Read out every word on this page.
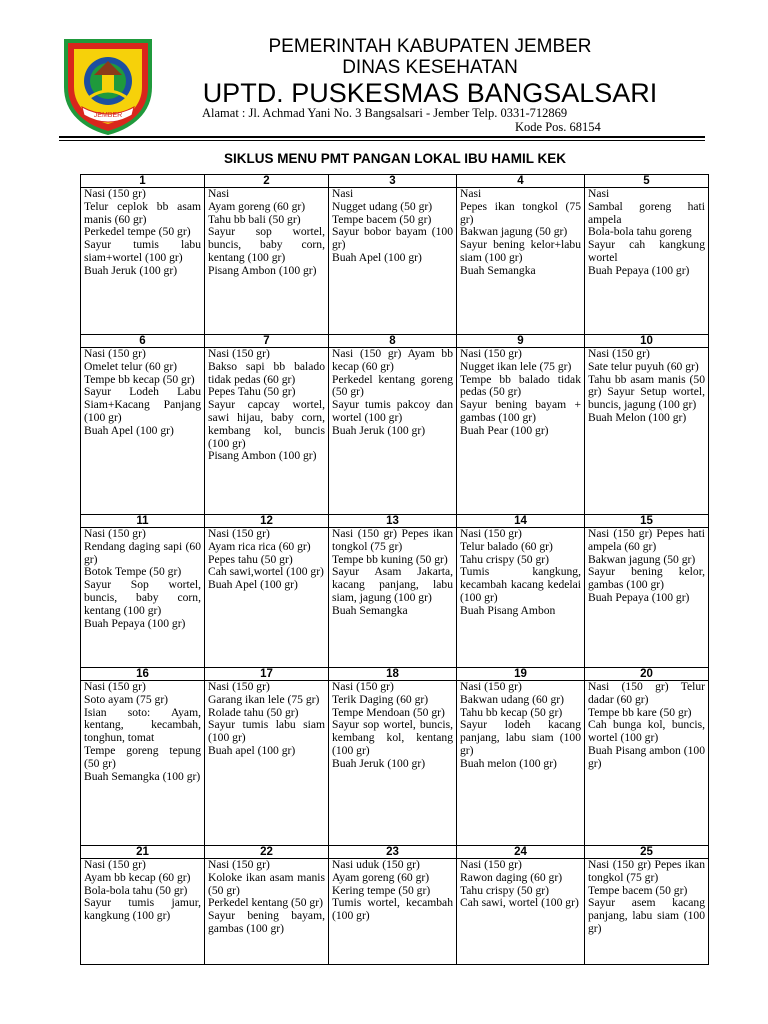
JEMBER
PEMERINTAH KABUPATEN JEMBER
DINAS KESEHATAN
UPTD. PUSKESMAS BANGSALSARI
Alamat : Jl. Achmad Yani No. 3 Bangsalsari - Jember Telp. 0331-712869
Kode Pos. 68154
SIKLUS MENU PMT PANGAN LOKAL IBU HAMIL KEK
1	2	3	4	5

Nasi (150 gr)
Telur ceplok bb asam manis (60 gr)
Perkedel tempe (50 gr)
Sayur tumis labu siam+wortel (100 gr)
Buah Jeruk (100 gr)	Nasi
Ayam goreng (60 gr)
Tahu bb bali (50 gr)
Sayur sop wortel, buncis, baby corn, kentang (100 gr)
Pisang Ambon (100 gr)	Nasi
Nugget udang (50 gr)
Tempe bacem (50 gr)
Sayur bobor bayam (100 gr)
Buah Apel (100 gr)	Nasi
Pepes ikan tongkol (75 gr)
Bakwan jagung (50 gr)
Sayur bening kelor+labu siam (100 gr)
Buah Semangka	Nasi
Sambal goreng hati ampela
Bola-bola tahu goreng
Sayur cah kangkung wortel
Buah Pepaya (100 gr)

6	7	8	9	10

Nasi (150 gr)
Omelet telur (60 gr)
Tempe bb kecap (50 gr)
Sayur Lodeh Labu Siam+Kacang Panjang (100 gr)
Buah Apel (100 gr)	Nasi (150 gr)
Bakso sapi bb balado tidak pedas (60 gr)
Pepes Tahu (50 gr)
Sayur capcay wortel, sawi hijau, baby corn, kembang kol, buncis (100 gr)
Pisang Ambon (100 gr)	Nasi (150 gr) Ayam bb kecap (60 gr)
Perkedel kentang goreng (50 gr)
Sayur tumis pakcoy dan wortel (100 gr)
Buah Jeruk (100 gr)	Nasi (150 gr)
Nugget ikan lele (75 gr)
Tempe bb balado tidak pedas (50 gr)
Sayur bening bayam + gambas (100 gr)
Buah Pear (100 gr)	Nasi (150 gr)
Sate telur puyuh (60 gr)
Tahu bb asam manis (50 gr) Sayur Setup wortel, buncis, jagung (100 gr)
Buah Melon (100 gr)

11	12	13	14	15

Nasi (150 gr)
Rendang daging sapi (60 gr)
Botok Tempe (50 gr)
Sayur Sop wortel, buncis, baby corn, kentang (100 gr)
Buah Pepaya (100 gr)	Nasi (150 gr)
Ayam rica rica (60 gr)
Pepes tahu (50 gr)
Cah sawi,wortel (100 gr)
Buah Apel (100 gr)	Nasi (150 gr) Pepes ikan tongkol (75 gr)
Tempe bb kuning (50 gr)
Sayur Asam Jakarta, kacang panjang, labu siam, jagung (100 gr)
Buah Semangka	Nasi (150 gr)
Telur balado (60 gr)
Tahu crispy (50 gr)
Tumis kangkung, kecambah kacang kedelai (100 gr)
Buah Pisang Ambon	Nasi (150 gr) Pepes hati ampela (60 gr)
Bakwan jagung (50 gr)
Sayur bening kelor, gambas (100 gr)
Buah Pepaya (100 gr)

16	17	18	19	20

Nasi (150 gr)
Soto ayam (75 gr)
Isian soto: Ayam, kentang, kecambah, tonghun, tomat
Tempe goreng tepung (50 gr)
Buah Semangka (100 gr)	Nasi (150 gr)
Garang ikan lele (75 gr)
Rolade tahu (50 gr)
Sayur tumis labu siam (100 gr)
Buah apel (100 gr)	Nasi (150 gr)
Terik Daging (60 gr)
Tempe Mendoan (50 gr)
Sayur sop wortel, buncis, kembang kol, kentang (100 gr)
Buah Jeruk (100 gr)	Nasi (150 gr)
Bakwan udang (60 gr)
Tahu bb kecap (50 gr)
Sayur lodeh kacang panjang, labu siam (100 gr)
Buah melon (100 gr)	Nasi (150 gr) Telur dadar (60 gr)
Tempe bb kare (50 gr)
Cah bunga kol, buncis, wortel (100 gr)
Buah Pisang ambon (100 gr)

21	22	23	24	25

Nasi (150 gr)
Ayam bb kecap (60 gr)
Bola-bola tahu (50 gr)
Sayur tumis jamur, kangkung (100 gr)	Nasi (150 gr)
Koloke ikan asam manis (50 gr)
Perkedel kentang (50 gr)
Sayur bening bayam, gambas (100 gr)	Nasi uduk (150 gr)
Ayam goreng (60 gr)
Kering tempe (50 gr)
Tumis wortel, kecambah (100 gr)	Nasi (150 gr)
Rawon daging (60 gr)
Tahu crispy (50 gr)
Cah sawi, wortel (100 gr)	Nasi (150 gr) Pepes ikan tongkol (75 gr)
Tempe bacem (50 gr)
Sayur asem kacang panjang, labu siam (100 gr)
